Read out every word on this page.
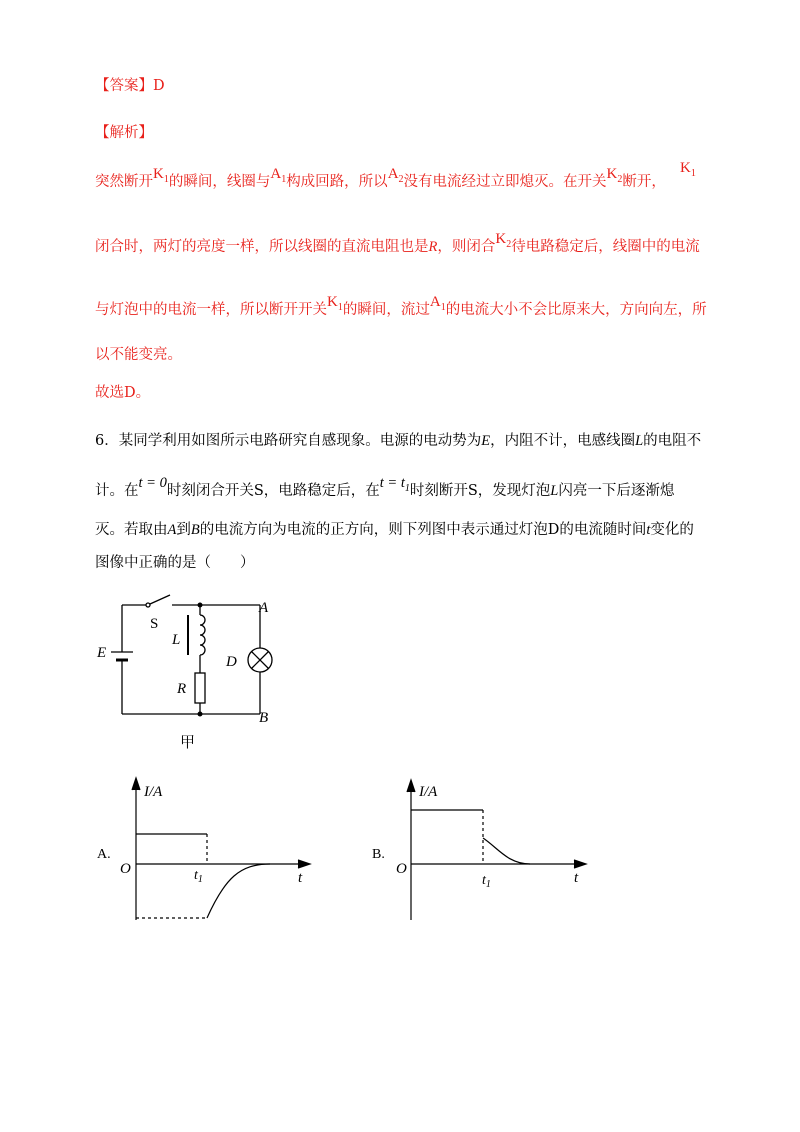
【答案】D
【解析】
突然断开$K_1$的瞬间，线圈与$A_1$构成回路，所以$A_2$没有电流经过立即熄灭。在开关$K_2$断开，
$K_1$
闭合时，两灯的亮度一样，所以线圈的直流电阻也是R，则闭合$K_2$待电路稳定后，线圈中的电流
与灯泡中的电流一样，所以断开开关$K_1$的瞬间，流过$A_1$的电流大小不会比原来大，方向向左，所
以不能变亮。
故选D。
6．某同学利用如图所示电路研究自感现象。电源的电动势为E，内阻不计，电感线圈L的电阻不
计。在t = 0时刻闭合开关S，电路稳定后，在$t = t_1$时刻断开S，发现灯泡L闪亮一下后逐渐熄
灭。若取由A到B的电流方向为电流的正方向，则下列图中表示通过灯泡D的电流随时间t变化的
图像中正确的是（　　）
S
L
R
D
E
A
B
甲
I/A
O	$t_1$	t
A.
I/A
O
$t_1$	t
B.
